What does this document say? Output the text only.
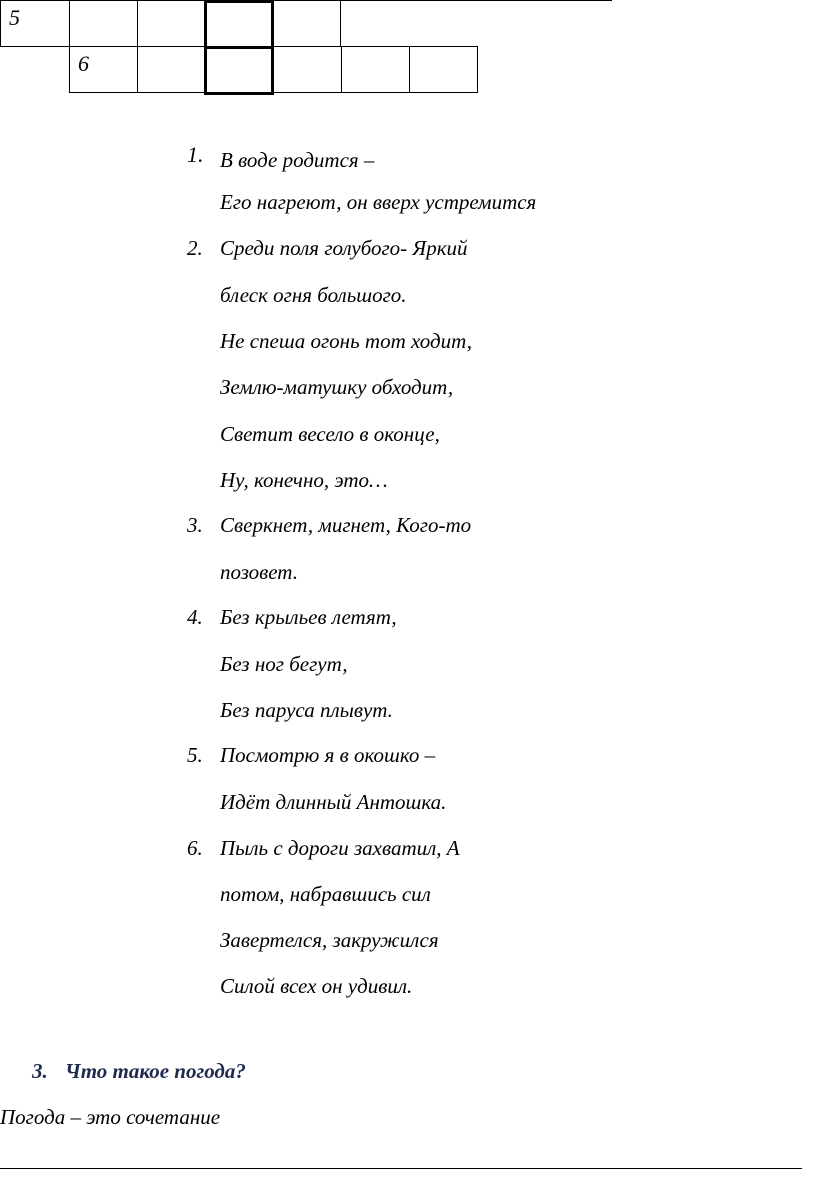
5
6
1. В воде родится –
Его нагреют, он вверх устремится
2. Среди поля голубого- Яркий
блеск огня большого.
Не спеша огонь тот ходит,
Землю-матушку обходит,
Светит весело в оконце,
Ну, конечно, это…
3. Сверкнет, мигнет, Кого-то
позовет.
4. Без крыльев летят,
Без ног бегут,
Без паруса плывут.
5. Посмотрю я в окошко –
Идёт длинный Антошка.
6. Пыль с дороги захватил, А
потом, набравшись сил
Завертелся, закружился
Силой всех он удивил.
3. Что такое погода?
Погода – это сочетание
